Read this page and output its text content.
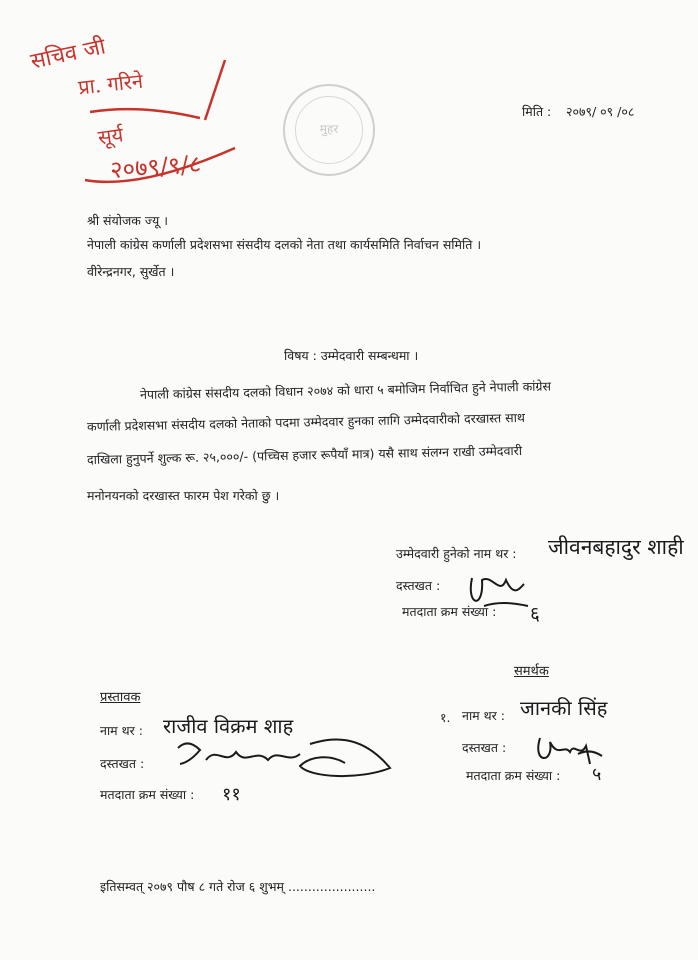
सचिव जी
प्रा. गरिने
सूर्य
२०७९/९/८
मुहर
मिति : २०७९/ ०९ /०८
श्री संयोजक ज्यू ।
नेपाली कांग्रेस कर्णाली प्रदेशसभा संसदीय दलको नेता तथा कार्यसमिति निर्वाचन समिति ।
वीरेन्द्रनगर, सुर्खेत ।
विषय : उम्मेदवारी सम्बन्धमा ।
नेपाली कांग्रेस संसदीय दलको विधान २०७४ को धारा ५ बमोजिम निर्वाचित हुने नेपाली कांग्रेस
कर्णाली प्रदेशसभा संसदीय दलको नेताको पदमा उम्मेदवार हुनका लागि उम्मेदवारीको दरखास्त साथ
दाखिला हुनुपर्ने शुल्क रू. २५,०००/- (पच्चिस हजार रूपैयाँ मात्र) यसै साथ संलग्न राखी उम्मेदवारी
मनोनयनको दरखास्त फारम पेश गरेको छु ।
उम्मेदवारी हुनेको नाम थर : जीवनबहादुर शाही
दस्तखत :
मतदाता क्रम संख्या : ६
प्रस्तावक
नाम थर : राजीव विक्रम शाह
दस्तखत :
मतदाता क्रम संख्या : ११
समर्थक
१. नाम थर : जानकी सिंह
दस्तखत :
मतदाता क्रम संख्या : ५
इतिसम्वत् २०७९ पौष ८ गते रोज ६ शुभम् ......................
